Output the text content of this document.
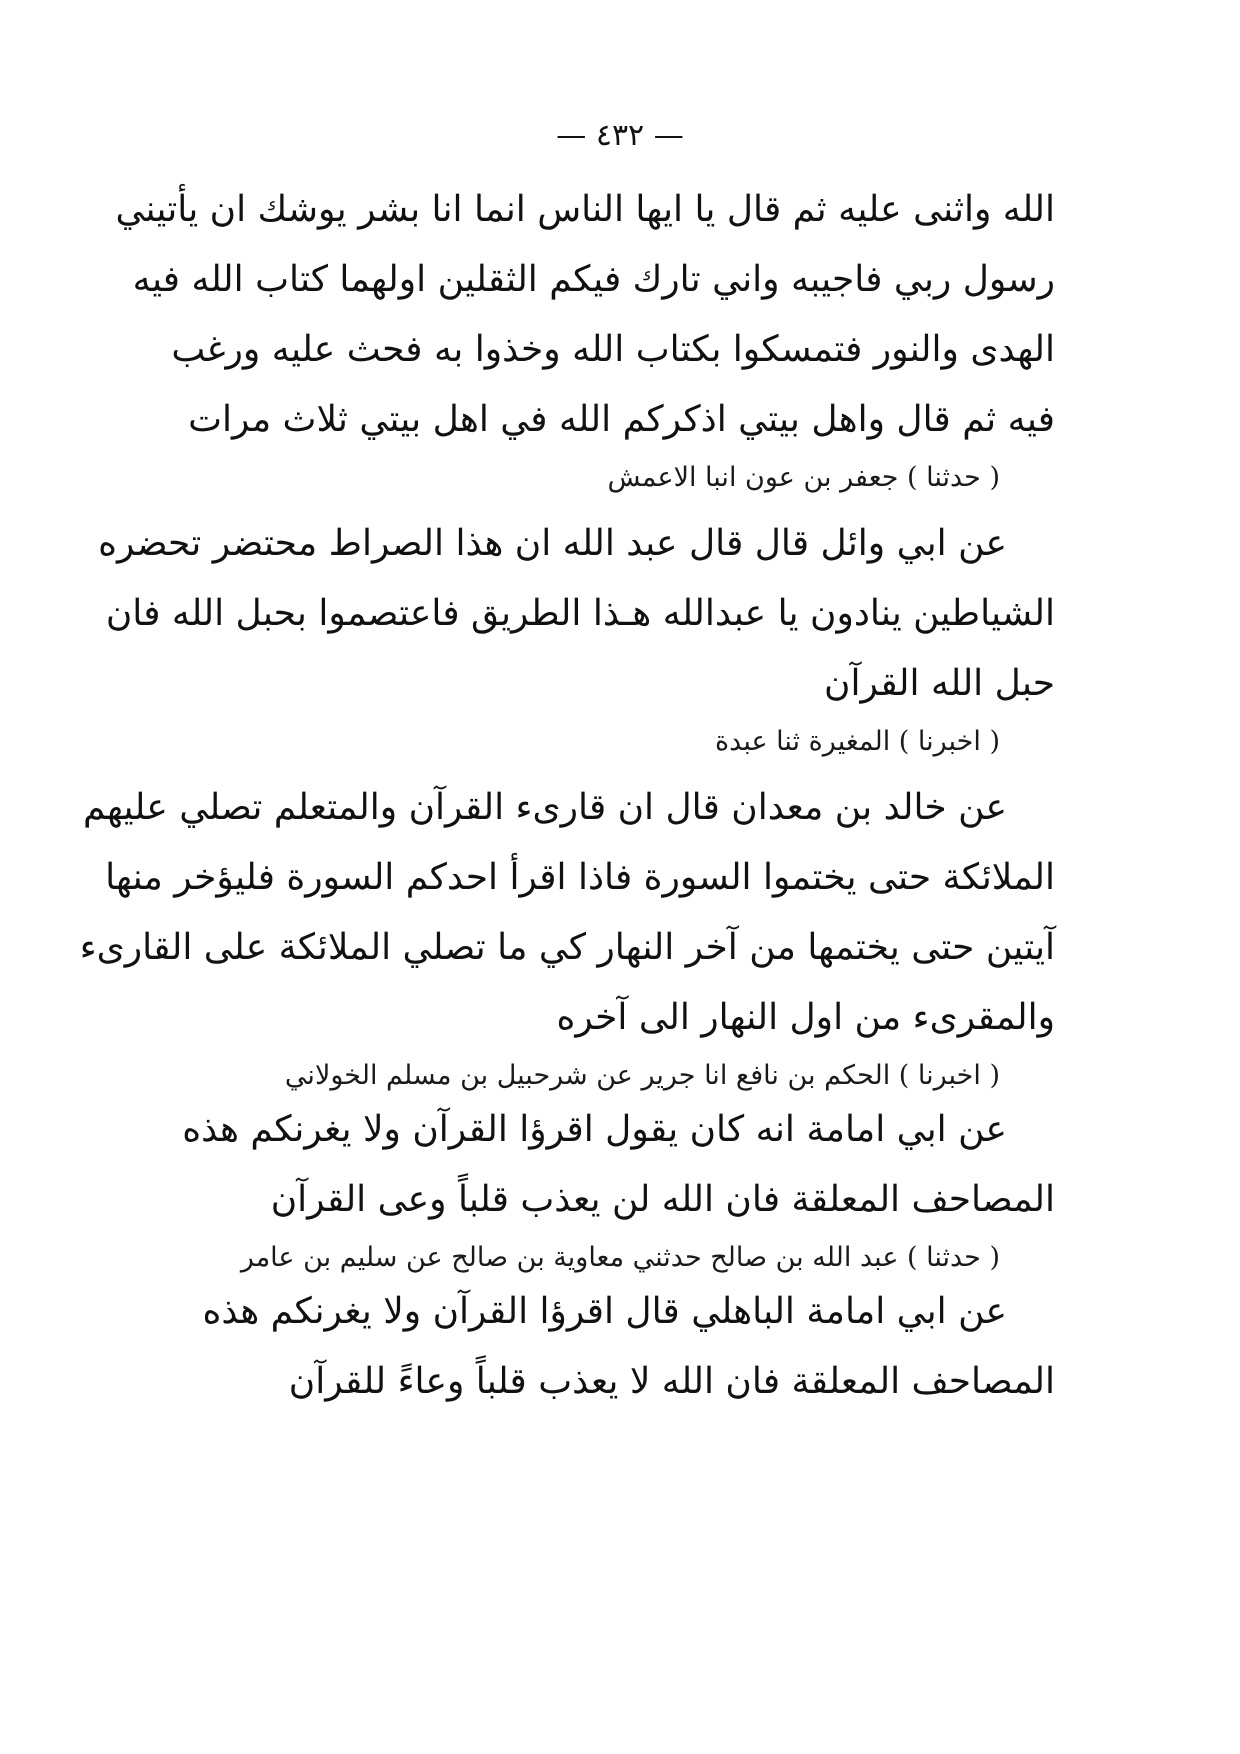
— ٤٣٢ —
الله واثنى عليه ثم قال يا ايها الناس انما انا بشر يوشك ان يأتيني
رسول ربي فاجيبه واني تارك فيكم الثقلين اولهما كتاب الله فيه
الهدى والنور فتمسكوا بكتاب الله وخذوا به فحث عليه ورغب
فيه ثم قال واهل بيتي اذكركم الله في اهل بيتي ثلاث مرات
( حدثنا ) جعفر بن عون انبا الاعمش
عن ابي وائل قال قال عبد الله ان هذا الصراط محتضر تحضره
الشياطين ينادون يا عبدالله هـذا الطريق فاعتصموا بحبل الله فان
حبل الله القرآن
( اخبرنا ) المغيرة ثنا عبدة
عن خالد بن معدان قال ان قارىء القرآن والمتعلم تصلي عليهم
الملائكة حتى يختموا السورة فاذا اقرأ احدكم السورة فليؤخر منها
آيتين حتى يختمها من آخر النهار كي ما تصلي الملائكة على القارىء
والمقرىء من اول النهار الى آخره
( اخبرنا ) الحكم بن نافع انا جرير عن شرحبيل بن مسلم الخولاني
عن ابي امامة انه كان يقول اقرؤا القرآن ولا يغرنكم هذه
المصاحف المعلقة فان الله لن يعذب قلباً وعى القرآن
( حدثنا ) عبد الله بن صالح حدثني معاوية بن صالح عن سليم بن عامر
عن ابي امامة الباهلي قال اقرؤا القرآن ولا يغرنكم هذه
المصاحف المعلقة فان الله لا يعذب قلباً وعاءً للقرآن
